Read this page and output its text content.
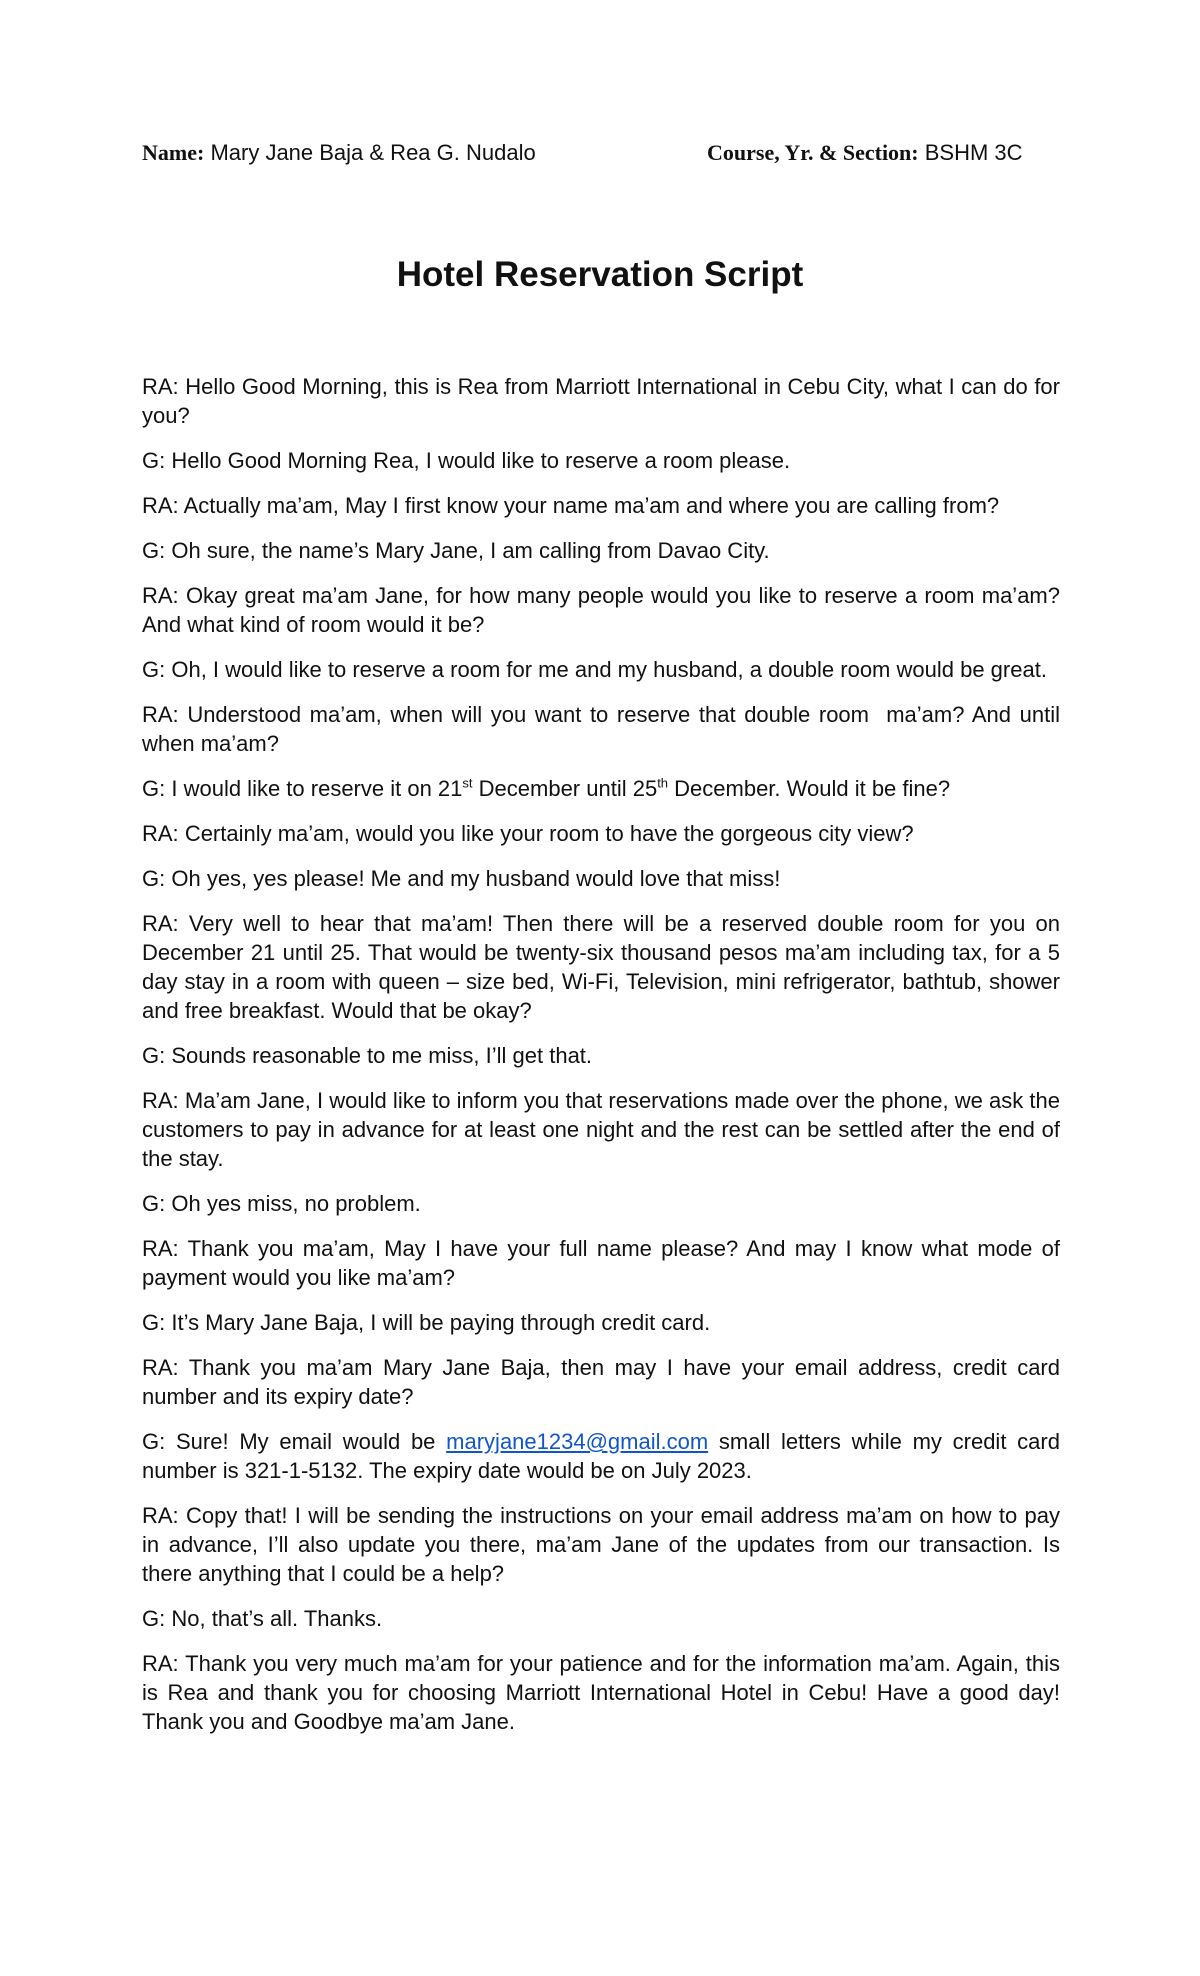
Name: Mary Jane Baja & Rea G. Nudalo	Course, Yr. & Section: BSHM 3C
Hotel Reservation Script

RA: Hello Good Morning, this is Rea from Marriott International in Cebu City, what I can do for you?

G: Hello Good Morning Rea, I would like to reserve a room please.

RA: Actually ma’am, May I first know your name ma’am and where you are calling from?

G: Oh sure, the name’s Mary Jane, I am calling from Davao City.

RA: Okay great ma’am Jane, for how many people would you like to reserve a room ma’am? And what kind of room would it be?

G: Oh, I would like to reserve a room for me and my husband, a double room would be great.

RA: Understood ma’am, when will you want to reserve that double room  ma’am? And until when ma’am?

G: I would like to reserve it on 21st December until 25th December. Would it be fine?

RA: Certainly ma’am, would you like your room to have the gorgeous city view?

G: Oh yes, yes please! Me and my husband would love that miss!

RA: Very well to hear that ma’am! Then there will be a reserved double room for you on December 21 until 25. That would be twenty-six thousand pesos ma’am including tax, for a 5 day stay in a room with queen – size bed, Wi-Fi, Television, mini refrigerator, bathtub, shower and free breakfast. Would that be okay?

G: Sounds reasonable to me miss, I’ll get that.

RA: Ma’am Jane, I would like to inform you that reservations made over the phone, we ask the customers to pay in advance for at least one night and the rest can be settled after the end of the stay.

G: Oh yes miss, no problem.

RA: Thank you ma’am, May I have your full name please? And may I know what mode of payment would you like ma’am?

G: It’s Mary Jane Baja, I will be paying through credit card.

RA: Thank you ma’am Mary Jane Baja, then may I have your email address, credit card number and its expiry date?

G: Sure! My email would be maryjane1234@gmail.com small letters while my credit card number is 321-1-5132. The expiry date would be on July 2023.

RA: Copy that! I will be sending the instructions on your email address ma’am on how to pay in advance, I’ll also update you there, ma’am Jane of the updates from our transaction. Is there anything that I could be a help?

G: No, that’s all. Thanks.

RA: Thank you very much ma’am for your patience and for the information ma’am. Again, this is Rea and thank you for choosing Marriott International Hotel in Cebu! Have a good day! Thank you and Goodbye ma’am Jane.
